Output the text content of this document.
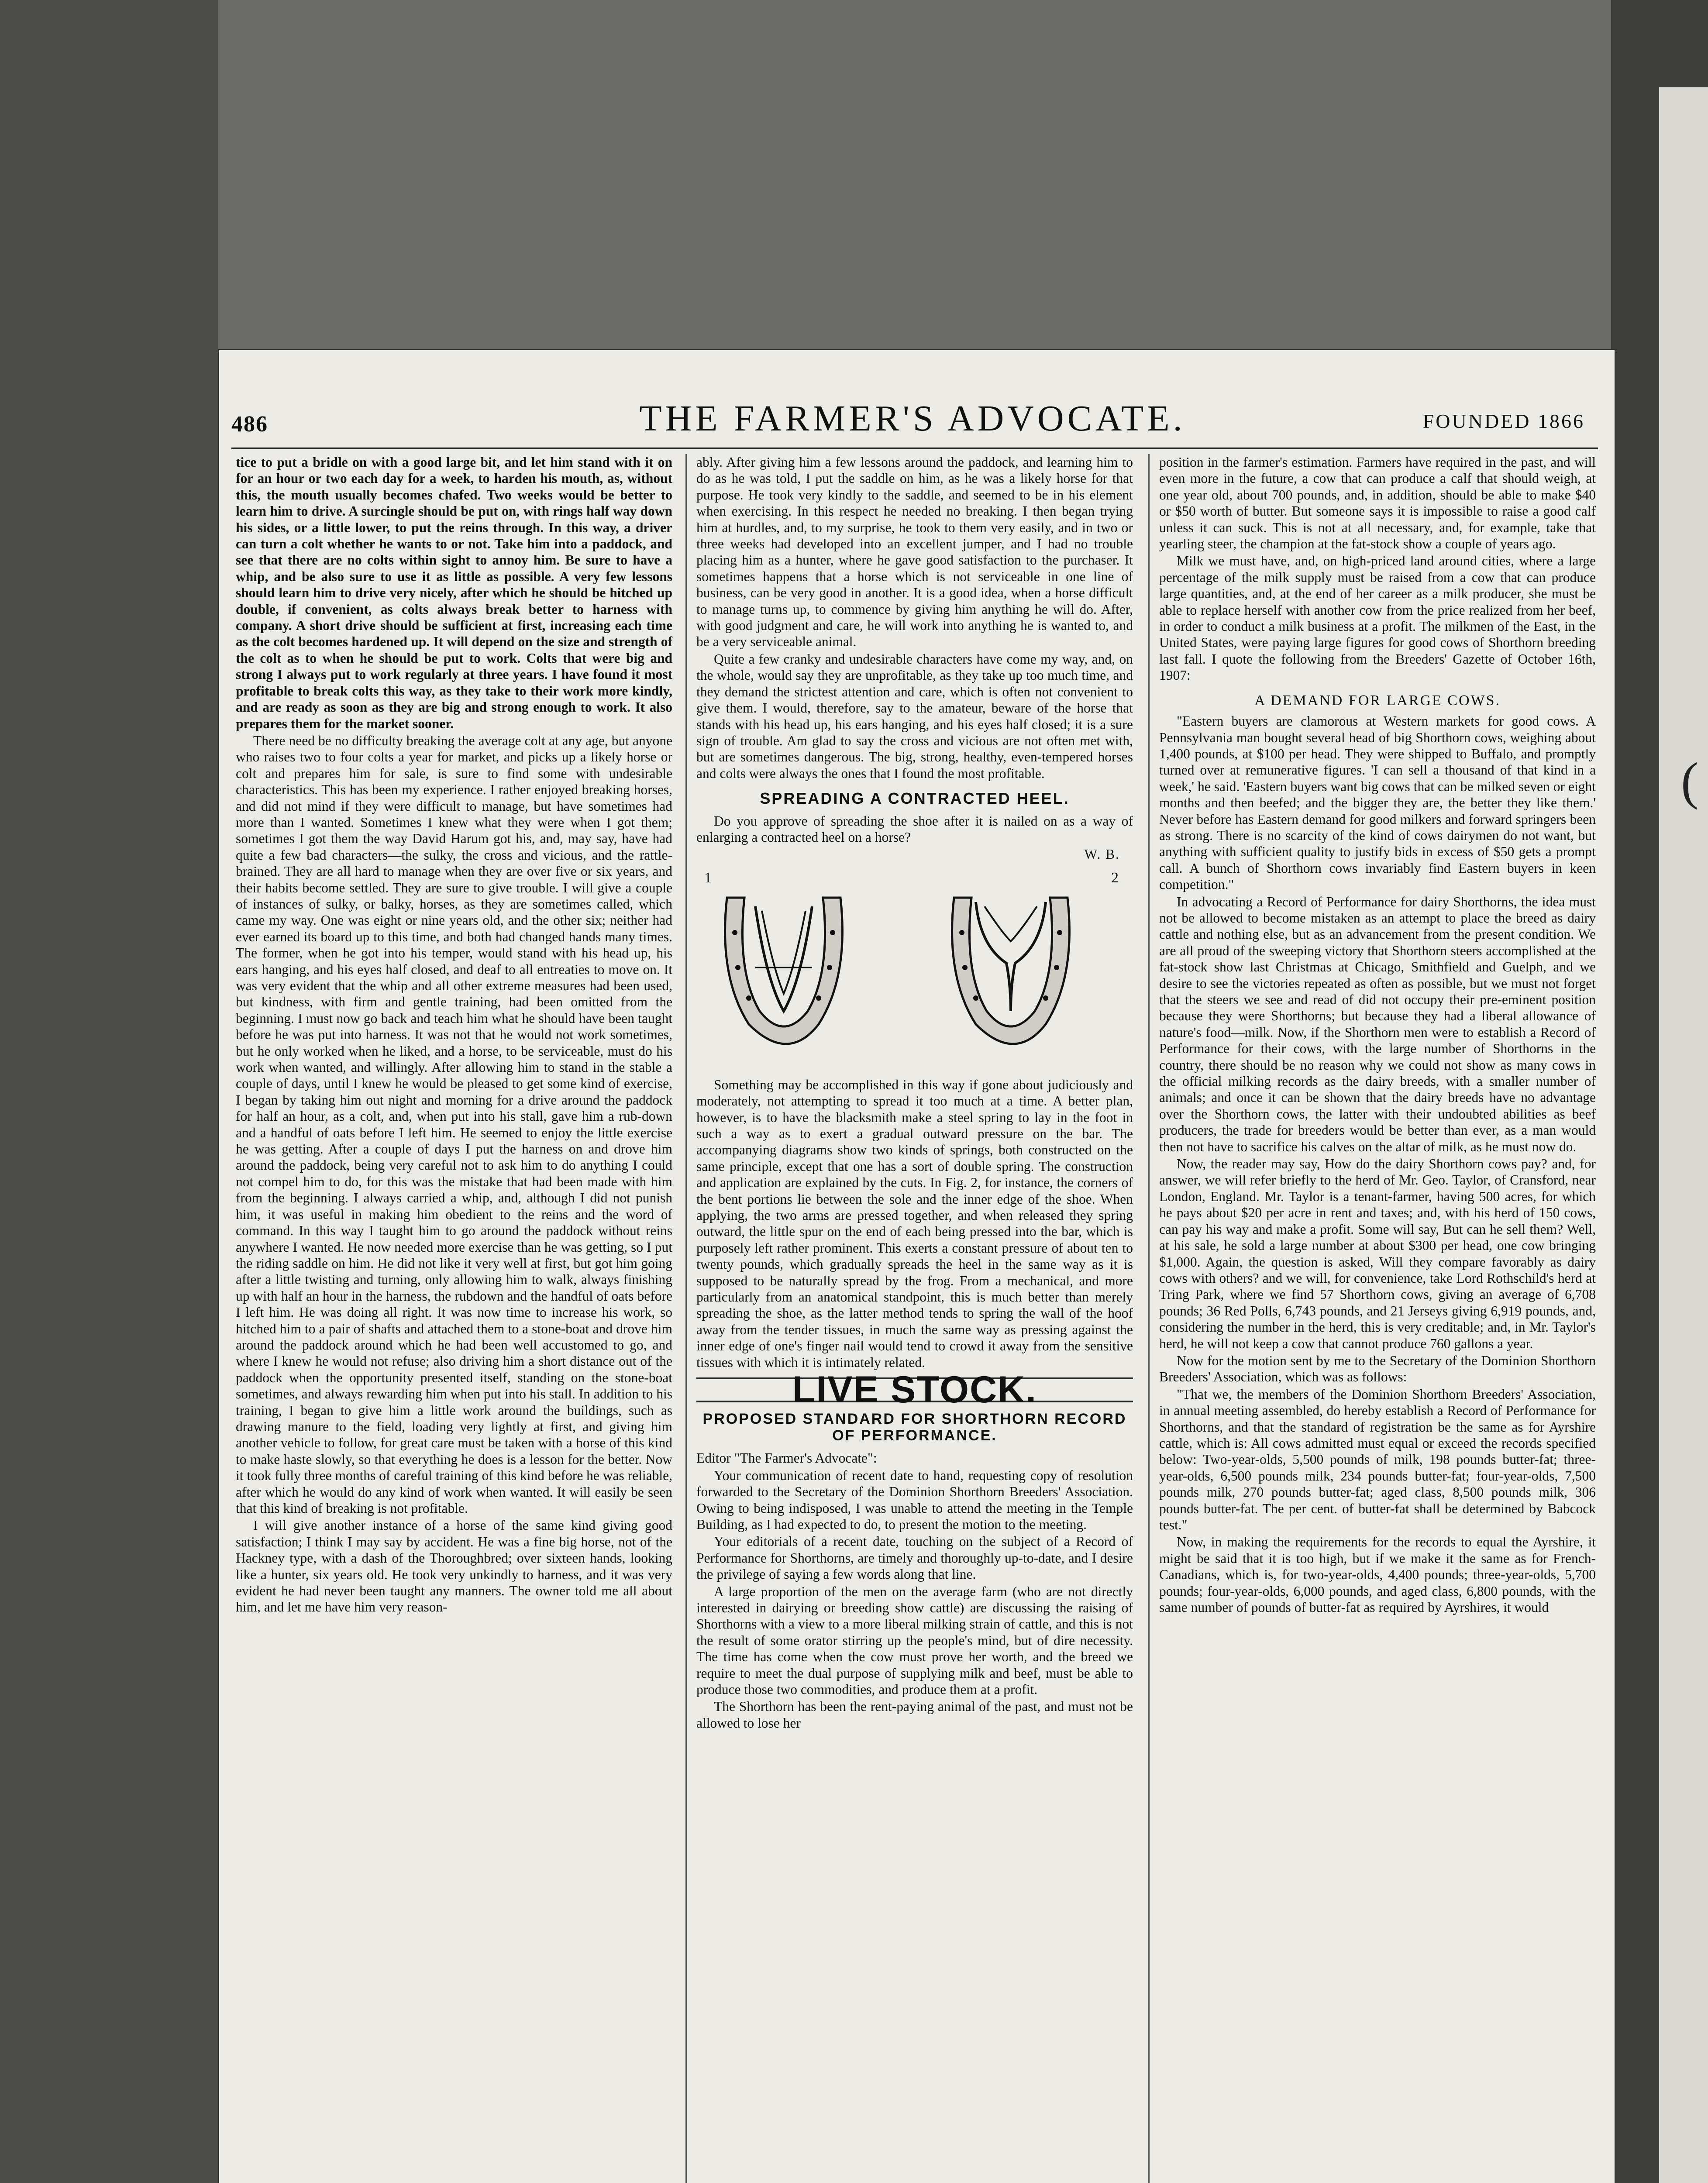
(
486	THE FARMER'S ADVOCATE.	FOUNDED 1866

tice to put a bridle on with a good large bit, and let him stand with it on for an hour or two each day for a week, to harden his mouth, as, without this, the mouth usually becomes chafed. Two weeks would be better to learn him to drive. A surcingle should be put on, with rings half way down his sides, or a little lower, to put the reins through. In this way, a driver can turn a colt whether he wants to or not. Take him into a paddock, and see that there are no colts within sight to annoy him. Be sure to have a whip, and be also sure to use it as little as possible. A very few lessons should learn him to drive very nicely, after which he should be hitched up double, if convenient, as colts always break better to harness with company. A short drive should be sufficient at first, increasing each time as the colt becomes hardened up. It will depend on the size and strength of the colt as to when he should be put to work. Colts that were big and strong I always put to work regularly at three years. I have found it most profitable to break colts this way, as they take to their work more kindly, and are ready as soon as they are big and strong enough to work. It also prepares them for the market sooner.

There need be no difficulty breaking the average colt at any age, but anyone who raises two to four colts a year for market, and picks up a likely horse or colt and prepares him for sale, is sure to find some with undesirable characteristics. This has been my experience. I rather enjoyed breaking horses, and did not mind if they were difficult to manage, but have sometimes had more than I wanted. Sometimes I knew what they were when I got them; sometimes I got them the way David Harum got his, and, may say, have had quite a few bad characters—the sulky, the cross and vicious, and the rattle-brained. They are all hard to manage when they are over five or six years, and their habits become settled. They are sure to give trouble. I will give a couple of instances of sulky, or balky, horses, as they are sometimes called, which came my way. One was eight or nine years old, and the other six; neither had ever earned its board up to this time, and both had changed hands many times. The former, when he got into his temper, would stand with his head up, his ears hanging, and his eyes half closed, and deaf to all entreaties to move on. It was very evident that the whip and all other extreme measures had been used, but kindness, with firm and gentle training, had been omitted from the beginning. I must now go back and teach him what he should have been taught before he was put into harness. It was not that he would not work sometimes, but he only worked when he liked, and a horse, to be serviceable, must do his work when wanted, and willingly. After allowing him to stand in the stable a couple of days, until I knew he would be pleased to get some kind of exercise, I began by taking him out night and morning for a drive around the paddock for half an hour, as a colt, and, when put into his stall, gave him a rub-down and a handful of oats before I left him. He seemed to enjoy the little exercise he was getting. After a couple of days I put the harness on and drove him around the paddock, being very careful not to ask him to do anything I could not compel him to do, for this was the mistake that had been made with him from the beginning. I always carried a whip, and, although I did not punish him, it was useful in making him obedient to the reins and the word of command. In this way I taught him to go around the paddock without reins anywhere I wanted. He now needed more exercise than he was getting, so I put the riding saddle on him. He did not like it very well at first, but got him going after a little twisting and turning, only allowing him to walk, always finishing up with half an hour in the harness, the rubdown and the handful of oats before I left him. He was doing all right. It was now time to increase his work, so hitched him to a pair of shafts and attached them to a stone-boat and drove him around the paddock around which he had been well accustomed to go, and where I knew he would not refuse; also driving him a short distance out of the paddock when the opportunity presented itself, standing on the stone-boat sometimes, and always rewarding him when put into his stall. In addition to his training, I began to give him a little work around the buildings, such as drawing manure to the field, loading very lightly at first, and giving him another vehicle to follow, for great care must be taken with a horse of this kind to make haste slowly, so that everything he does is a lesson for the better. Now it took fully three months of careful training of this kind before he was reliable, after which he would do any kind of work when wanted. It will easily be seen that this kind of breaking is not profitable.

I will give another instance of a horse of the same kind giving good satisfaction; I think I may say by accident. He was a fine big horse, not of the Hackney type, with a dash of the Thoroughbred; over sixteen hands, looking like a hunter, six years old. He took very unkindly to harness, and it was very evident he had never been taught any manners. The owner told me all about him, and let me have him very reason-

ably. After giving him a few lessons around the paddock, and learning him to do as he was told, I put the saddle on him, as he was a likely horse for that purpose. He took very kindly to the saddle, and seemed to be in his element when exercising. In this respect he needed no breaking. I then began trying him at hurdles, and, to my surprise, he took to them very easily, and in two or three weeks had developed into an excellent jumper, and I had no trouble placing him as a hunter, where he gave good satisfaction to the purchaser. It sometimes happens that a horse which is not serviceable in one line of business, can be very good in another. It is a good idea, when a horse difficult to manage turns up, to commence by giving him anything he will do. After, with good judgment and care, he will work into anything he is wanted to, and be a very serviceable animal.

Quite a few cranky and undesirable characters have come my way, and, on the whole, would say they are unprofitable, as they take up too much time, and they demand the strictest attention and care, which is often not convenient to give them. I would, therefore, say to the amateur, beware of the horse that stands with his head up, his ears hanging, and his eyes half closed; it is a sure sign of trouble. Am glad to say the cross and vicious are not often met with, but are sometimes dangerous. The big, strong, healthy, even-tempered horses and colts were always the ones that I found the most profitable.

SPREADING A CONTRACTED HEEL.

Do you approve of spreading the shoe after it is nailed on as a way of enlarging a contracted heel on a horse?

W. B.
1	2

Something may be accomplished in this way if gone about judiciously and moderately, not attempting to spread it too much at a time. A better plan, however, is to have the blacksmith make a steel spring to lay in the foot in such a way as to exert a gradual outward pressure on the bar. The accompanying diagrams show two kinds of springs, both constructed on the same principle, except that one has a sort of double spring. The construction and application are explained by the cuts. In Fig. 2, for instance, the corners of the bent portions lie between the sole and the inner edge of the shoe. When applying, the two arms are pressed together, and when released they spring outward, the little spur on the end of each being pressed into the bar, which is purposely left rather prominent. This exerts a constant pressure of about ten to twenty pounds, which gradually spreads the heel in the same way as it is supposed to be naturally spread by the frog. From a mechanical, and more particularly from an anatomical standpoint, this is much better than merely spreading the shoe, as the latter method tends to spring the wall of the hoof away from the tender tissues, in much the same way as pressing against the inner edge of one's finger nail would tend to crowd it away from the sensitive tissues with which it is intimately related.

LIVE STOCK.
PROPOSED STANDARD FOR SHORTHORN RECORD OF PERFORMANCE.

Editor "The Farmer's Advocate":

Your communication of recent date to hand, requesting copy of resolution forwarded to the Secretary of the Dominion Shorthorn Breeders' Association. Owing to being indisposed, I was unable to attend the meeting in the Temple Building, as I had expected to do, to present the motion to the meeting.

Your editorials of a recent date, touching on the subject of a Record of Performance for Shorthorns, are timely and thoroughly up-to-date, and I desire the privilege of saying a few words along that line.

A large proportion of the men on the average farm (who are not directly interested in dairying or breeding show cattle) are discussing the raising of Shorthorns with a view to a more liberal milking strain of cattle, and this is not the result of some orator stirring up the people's mind, but of dire necessity. The time has come when the cow must prove her worth, and the breed we require to meet the dual purpose of supplying milk and beef, must be able to produce those two commodities, and produce them at a profit.

The Shorthorn has been the rent-paying animal of the past, and must not be allowed to lose her

position in the farmer's estimation. Farmers have required in the past, and will even more in the future, a cow that can produce a calf that should weigh, at one year old, about 700 pounds, and, in addition, should be able to make $40 or $50 worth of butter. But someone says it is impossible to raise a good calf unless it can suck. This is not at all necessary, and, for example, take that yearling steer, the champion at the fat-stock show a couple of years ago.

Milk we must have, and, on high-priced land around cities, where a large percentage of the milk supply must be raised from a cow that can produce large quantities, and, at the end of her career as a milk producer, she must be able to replace herself with another cow from the price realized from her beef, in order to conduct a milk business at a profit. The milkmen of the East, in the United States, were paying large figures for good cows of Shorthorn breeding last fall. I quote the following from the Breeders' Gazette of October 16th, 1907:

A DEMAND FOR LARGE COWS.

"Eastern buyers are clamorous at Western markets for good cows. A Pennsylvania man bought several head of big Shorthorn cows, weighing about 1,400 pounds, at $100 per head. They were shipped to Buffalo, and promptly turned over at remunerative figures. 'I can sell a thousand of that kind in a week,' he said. 'Eastern buyers want big cows that can be milked seven or eight months and then beefed; and the bigger they are, the better they like them.' Never before has Eastern demand for good milkers and forward springers been as strong. There is no scarcity of the kind of cows dairymen do not want, but anything with sufficient quality to justify bids in excess of $50 gets a prompt call. A bunch of Shorthorn cows invariably find Eastern buyers in keen competition."

In advocating a Record of Performance for dairy Shorthorns, the idea must not be allowed to become mistaken as an attempt to place the breed as dairy cattle and nothing else, but as an advancement from the present condition. We are all proud of the sweeping victory that Shorthorn steers accomplished at the fat-stock show last Christmas at Chicago, Smithfield and Guelph, and we desire to see the victories repeated as often as possible, but we must not forget that the steers we see and read of did not occupy their pre-eminent position because they were Shorthorns; but because they had a liberal allowance of nature's food—milk. Now, if the Shorthorn men were to establish a Record of Performance for their cows, with the large number of Shorthorns in the country, there should be no reason why we could not show as many cows in the official milking records as the dairy breeds, with a smaller number of animals; and once it can be shown that the dairy breeds have no advantage over the Shorthorn cows, the latter with their undoubted abilities as beef producers, the trade for breeders would be better than ever, as a man would then not have to sacrifice his calves on the altar of milk, as he must now do.

Now, the reader may say, How do the dairy Shorthorn cows pay? and, for answer, we will refer briefly to the herd of Mr. Geo. Taylor, of Cransford, near London, England. Mr. Taylor is a tenant-farmer, having 500 acres, for which he pays about $20 per acre in rent and taxes; and, with his herd of 150 cows, can pay his way and make a profit. Some will say, But can he sell them? Well, at his sale, he sold a large number at about $300 per head, one cow bringing $1,000. Again, the question is asked, Will they compare favorably as dairy cows with others? and we will, for convenience, take Lord Rothschild's herd at Tring Park, where we find 57 Shorthorn cows, giving an average of 6,708 pounds; 36 Red Polls, 6,743 pounds, and 21 Jerseys giving 6,919 pounds, and, considering the number in the herd, this is very creditable; and, in Mr. Taylor's herd, he will not keep a cow that cannot produce 760 gallons a year.

Now for the motion sent by me to the Secretary of the Dominion Shorthorn Breeders' Association, which was as follows:

"That we, the members of the Dominion Shorthorn Breeders' Association, in annual meeting assembled, do hereby establish a Record of Performance for Shorthorns, and that the standard of registration be the same as for Ayrshire cattle, which is: All cows admitted must equal or exceed the records specified below: Two-year-olds, 5,500 pounds of milk, 198 pounds butter-fat; three-year-olds, 6,500 pounds milk, 234 pounds butter-fat; four-year-olds, 7,500 pounds milk, 270 pounds butter-fat; aged class, 8,500 pounds milk, 306 pounds butter-fat. The per cent. of butter-fat shall be determined by Babcock test."

Now, in making the requirements for the records to equal the Ayrshire, it might be said that it is too high, but if we make it the same as for French-Canadians, which is, for two-year-olds, 4,400 pounds; three-year-olds, 5,700 pounds; four-year-olds, 6,000 pounds, and aged class, 6,800 pounds, with the same number of pounds of butter-fat as required by Ayrshires, it would
